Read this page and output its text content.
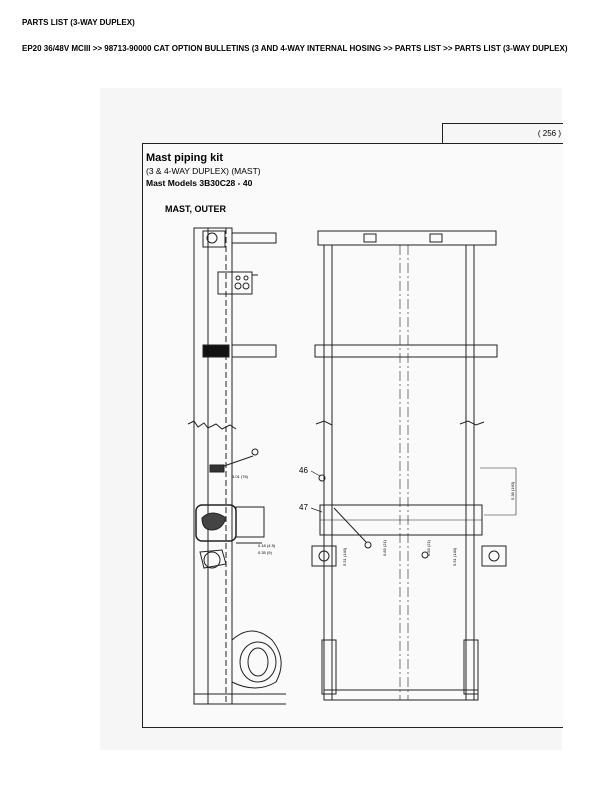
PARTS LIST (3-WAY DUPLEX)
EP20 36/48V MCIII >> 98713-90000 CAT OPTION BULLETINS (3 AND 4-WAY INTERNAL HOSING >> PARTS LIST >> PARTS LIST (3-WAY DUPLEX)
( 256 )
Mast piping kit
(3 & 4-WAY DUPLEX) (MAST)
Mast Models 3B30C28 - 40
MAST, OUTER
46
47
3.01 (76)
0.18 (4.5)
0.35 (9)	5.51 (140)	0.83 (21)	0.83 (21)	5.51 (140)
5.38 (160)
